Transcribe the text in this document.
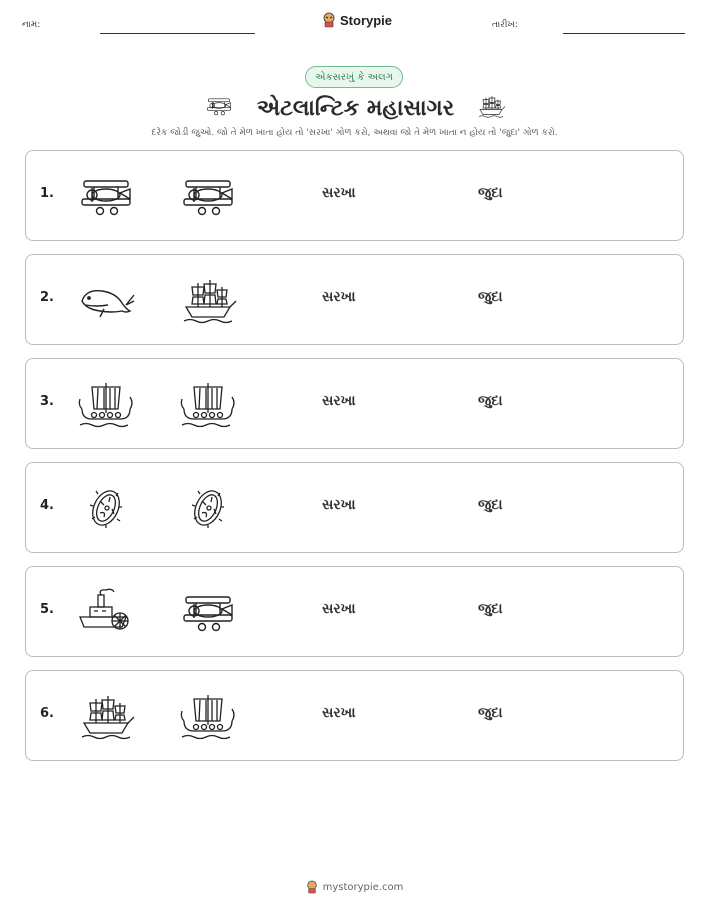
નામ:	Storypie	તારીખ:
એકસરખું કે અલગ
એટલાન્ટિક મહાસાગર
દરેક જોડી જુઓ. જો તે મેળ ખાતા હોય તો 'સરખા' ગોળ કરો, અથવા જો તે મેળ ખાતા ન હોય તો 'જુદા' ગોળ કરો.
1.	સરખા	જુદા
2.	સરખા	જુદા
3.	સરખા	જુદા
4.	સરખા	જુદા
5.	સરખા	જુદા
6.	સરખા	જુદા
mystorypie.com
